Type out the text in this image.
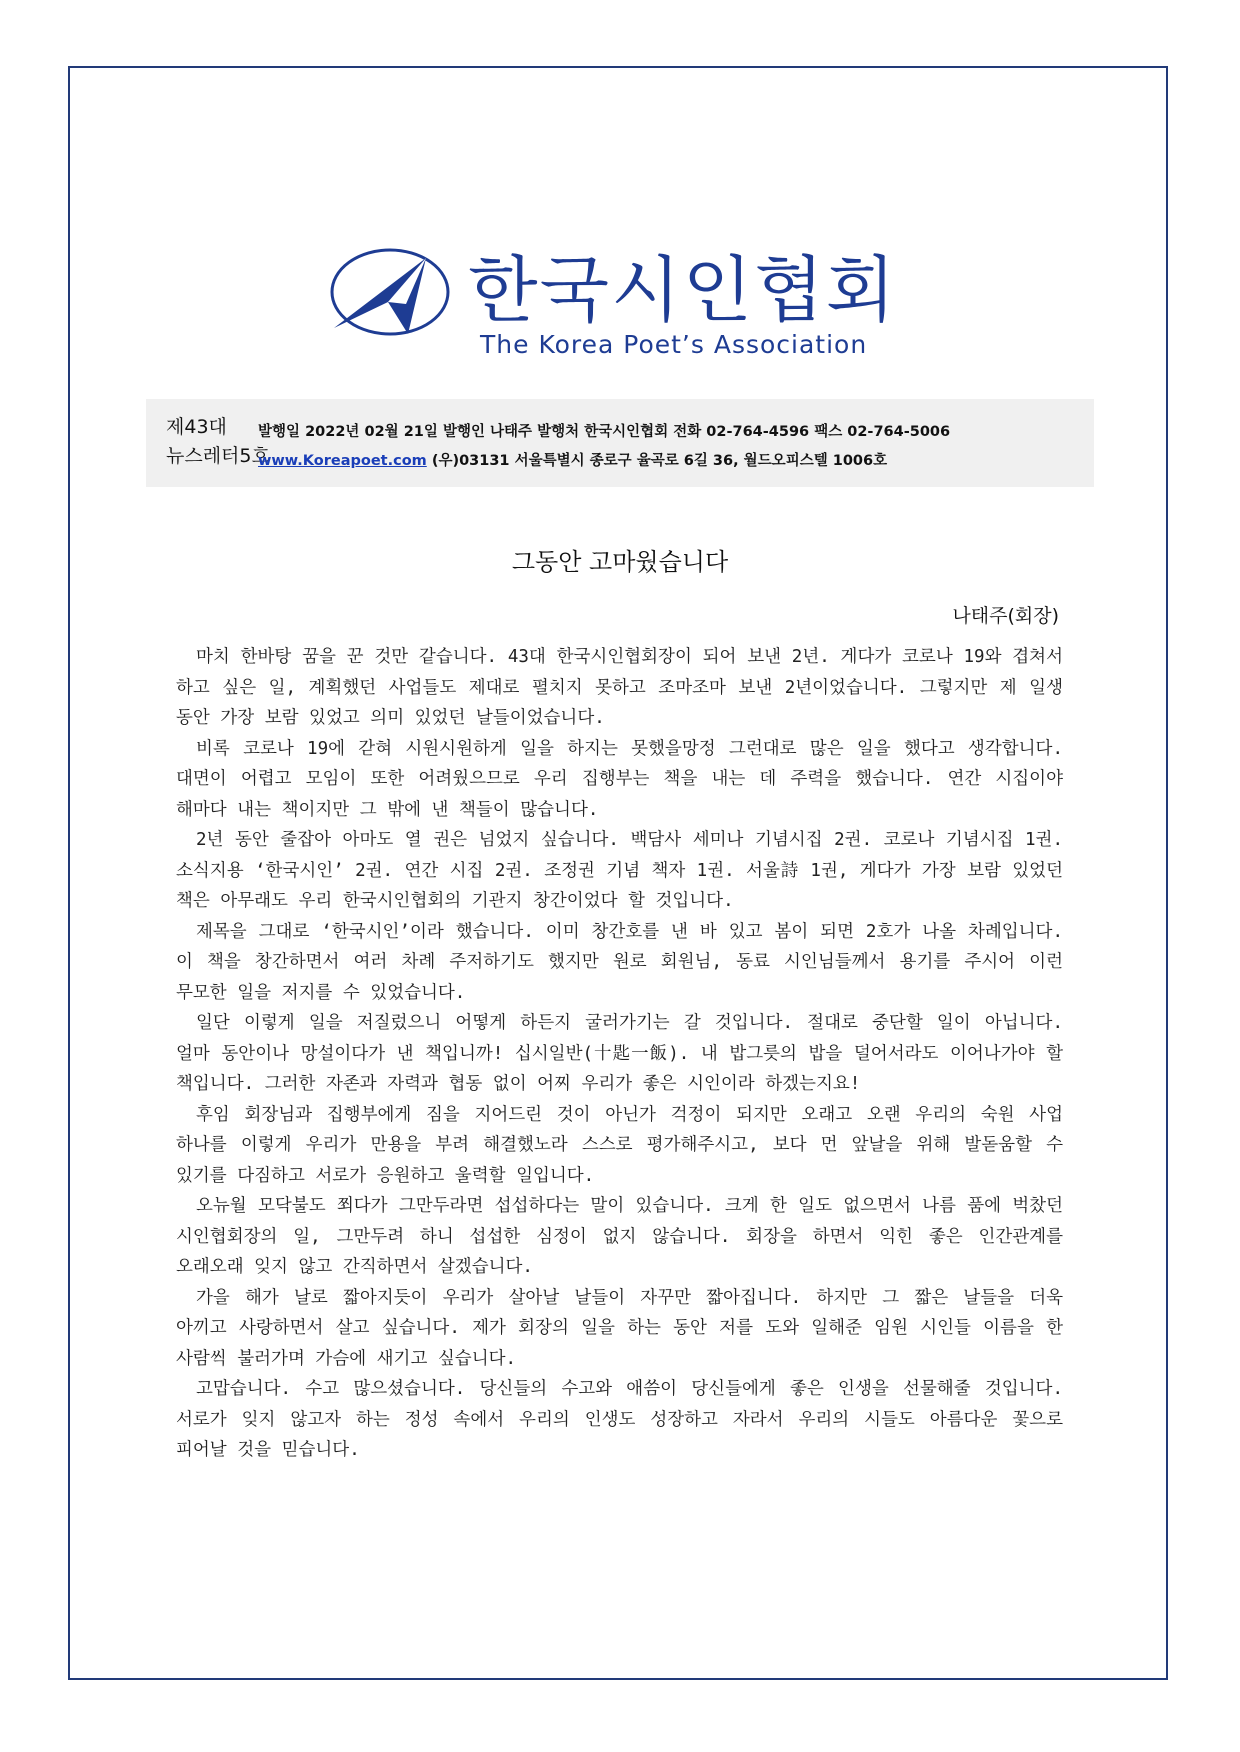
한국시인협회
The Korea Poet’s Association
제43대
뉴스레터5호
발행일 2022년 02월 21일 발행인 나태주 발행처 한국시인협회 전화 02-764-4596 팩스 02-764-5006
www.Koreapoet.com (우)03131 서울특별시 종로구 율곡로 6길 36, 월드오피스텔 1006호
그동안 고마웠습니다
나태주(회장)

마치 한바탕 꿈을 꾼 것만 같습니다. 43대 한국시인협회장이 되어 보낸 2년. 게다가 코로나 19와 겹쳐서 하고 싶은 일, 계획했던 사업들도 제대로 펼치지 못하고 조마조마 보낸 2년이었습니다. 그렇지만 제 일생 동안 가장 보람 있었고 의미 있었던 날들이었습니다.

비록 코로나 19에 갇혀 시원시원하게 일을 하지는 못했을망정 그런대로 많은 일을 했다고 생각합니다. 대면이 어렵고 모임이 또한 어려웠으므로 우리 집행부는 책을 내는 데 주력을 했습니다. 연간 시집이야 해마다 내는 책이지만 그 밖에 낸 책들이 많습니다.

2년 동안 줄잡아 아마도 열 권은 넘었지 싶습니다. 백담사 세미나 기념시집 2권. 코로나 기념시집 1권. 소식지용 ‘한국시인’ 2권. 연간 시집 2권. 조정권 기념 책자 1권. 서울詩 1권, 게다가 가장 보람 있었던 책은 아무래도 우리 한국시인협회의 기관지 창간이었다 할 것입니다.

제목을 그대로 ‘한국시인’이라 했습니다. 이미 창간호를 낸 바 있고 봄이 되면 2호가 나올 차례입니다. 이 책을 창간하면서 여러 차례 주저하기도 했지만 원로 회원님, 동료 시인님들께서 용기를 주시어 이런 무모한 일을 저지를 수 있었습니다.

일단 이렇게 일을 저질렀으니 어떻게 하든지 굴러가기는 갈 것입니다. 절대로 중단할 일이 아닙니다. 얼마 동안이나 망설이다가 낸 책입니까! 십시일반(十匙一飯). 내 밥그릇의 밥을 덜어서라도 이어나가야 할 책입니다. 그러한 자존과 자력과 협동 없이 어찌 우리가 좋은 시인이라 하겠는지요!

후임 회장님과 집행부에게 짐을 지어드린 것이 아닌가 걱정이 되지만 오래고 오랜 우리의 숙원 사업 하나를 이렇게 우리가 만용을 부려 해결했노라 스스로 평가해주시고, 보다 먼 앞날을 위해 발돋움할 수 있기를 다짐하고 서로가 응원하고 울력할 일입니다.

오뉴월 모닥불도 쬐다가 그만두라면 섭섭하다는 말이 있습니다. 크게 한 일도 없으면서 나름 품에 벅찼던 시인협회장의 일, 그만두려 하니 섭섭한 심정이 없지 않습니다. 회장을 하면서 익힌 좋은 인간관계를 오래오래 잊지 않고 간직하면서 살겠습니다.

가을 해가 날로 짧아지듯이 우리가 살아날 날들이 자꾸만 짧아집니다. 하지만 그 짧은 날들을 더욱 아끼고 사랑하면서 살고 싶습니다. 제가 회장의 일을 하는 동안 저를 도와 일해준 임원 시인들 이름을 한 사람씩 불러가며 가슴에 새기고 싶습니다.

고맙습니다. 수고 많으셨습니다. 당신들의 수고와 애씀이 당신들에게 좋은 인생을 선물해줄 것입니다. 서로가 잊지 않고자 하는 정성 속에서 우리의 인생도 성장하고 자라서 우리의 시들도 아름다운 꽃으로 피어날 것을 믿습니다.
